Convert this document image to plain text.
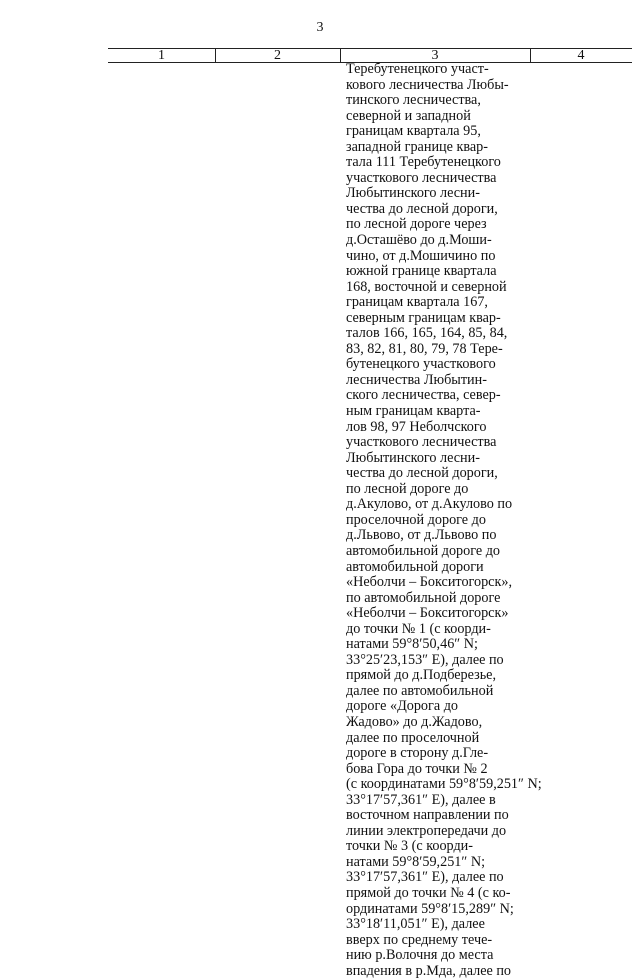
3
1	2	3	4
Теребутенецкого участ-
кового лесничества Любы-
тинского лесничества,
северной и западной
границам квартала 95,
западной границе квар-
тала 111 Теребутенецкого
участкового лесничества
Любытинского лесни-
чества до лесной дороги,
по лесной дороге через
д.Осташёво до д.Моши-
чино, от д.Мошичино по
южной границе квартала
168, восточной и северной
границам квартала 167,
северным границам квар-
талов 166, 165, 164, 85, 84,
83, 82, 81, 80, 79, 78 Тере-
бутенецкого участкового
лесничества Любытин-
ского лесничества, север-
ным границам кварта-
лов 98, 97 Неболчского
участкового лесничества
Любытинского лесни-
чества до лесной дороги,
по лесной дороге до
д.Акулово, от д.Акулово по
проселочной дороге до
д.Львово, от д.Львово по
автомобильной дороге до
автомобильной дороги
«Неболчи – Бокситогорск»,
по автомобильной дороге
«Неболчи – Бокситогорск»
до точки № 1 (с коорди-
натами 59°8′50,46″ N;
33°25′23,153″ E), далее по
прямой до д.Подберезье,
далее по автомобильной
дороге «Дорога до
Жадово» до д.Жадово,
далее по проселочной
дороге в сторону д.Гле-
бова Гора до точки № 2
(с координатами 59°8′59,251″ N;
33°17′57,361″ E), далее в
восточном направлении по
линии электропередачи до
точки № 3 (с коорди-
натами 59°8′59,251″ N;
33°17′57,361″ E), далее по
прямой до точки № 4 (с ко-
ординатами 59°8′15,289″ N;
33°18′11,051″ E), далее
вверх по среднему тече-
нию р.Волочня до места
впадения в р.Мда, далее по
